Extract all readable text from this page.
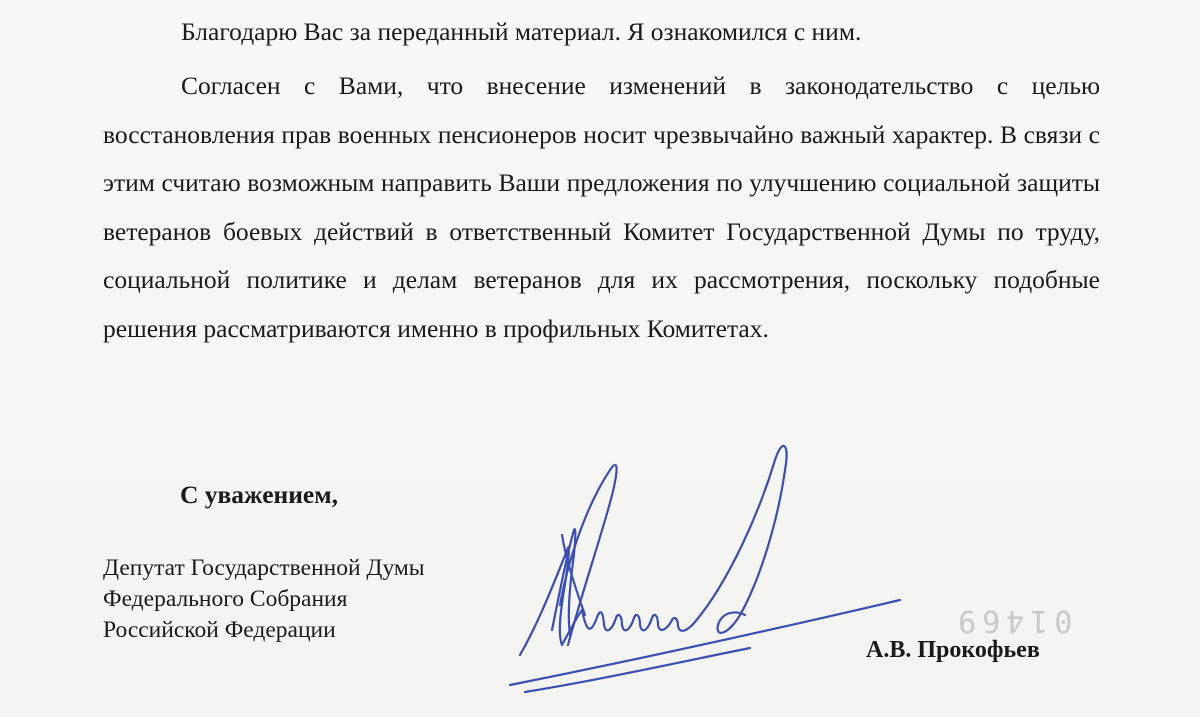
Благодарю Вас за переданный материал. Я ознакомился с ним.

Согласен с Вами, что внесение изменений в законодательство с целью восстановления прав военных пенсионеров носит чрезвычайно важный характер. В связи с этим считаю возможным направить Ваши предложения по улучшению социальной защиты ветеранов боевых действий в ответственный Комитет Государственной Думы по труду, социальной политике и делам ветеранов для их рассмотрения, поскольку подобные решения рассматриваются именно в профильных Комитетах.

С уважением,

Депутат Государственной Думы
Федерального Собрания
Российской Федерации	01469

А.В. Прокофьев
